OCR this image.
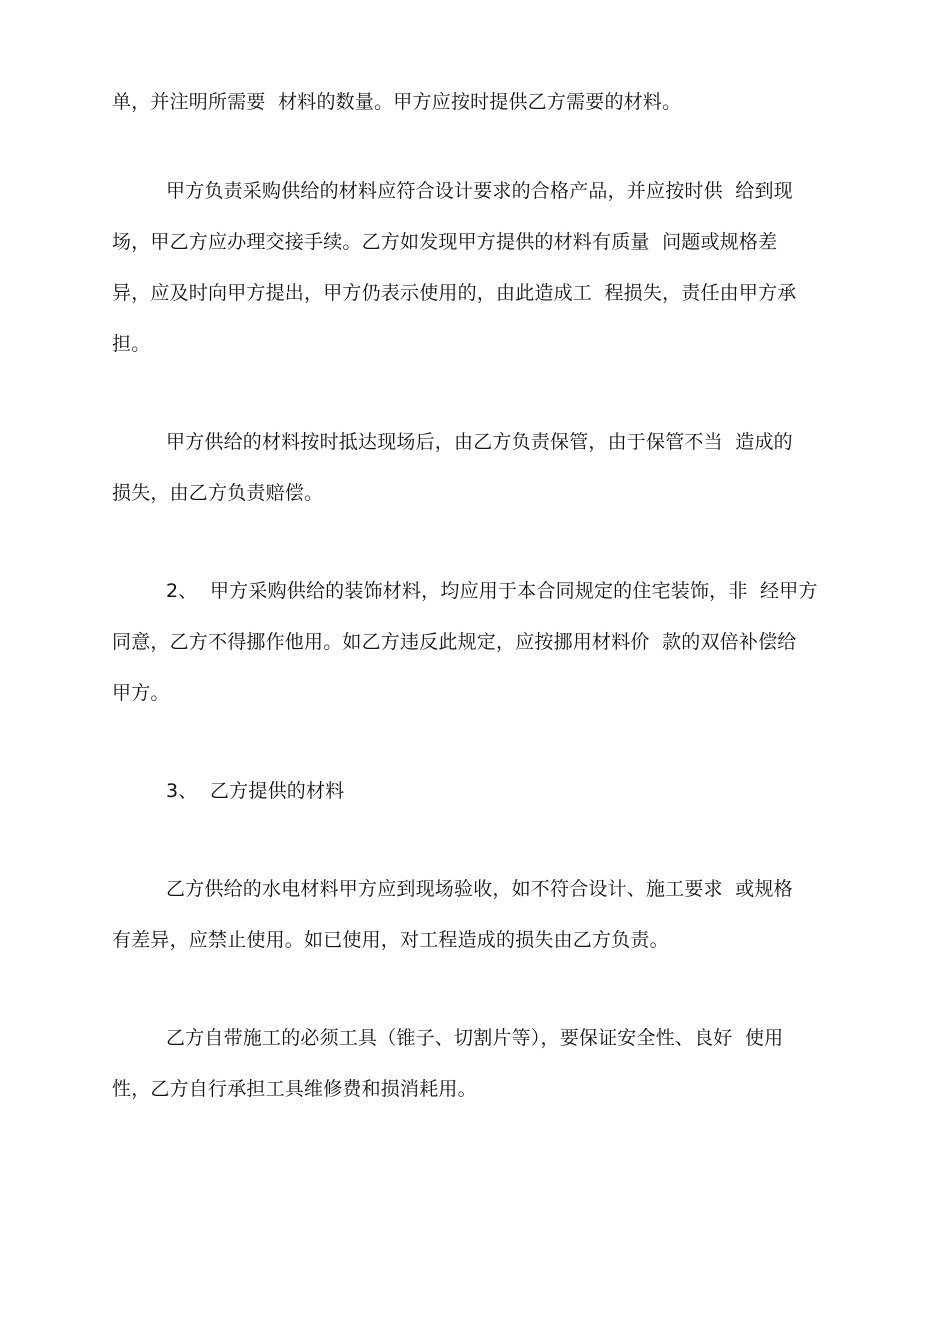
单，并注明所需要  材料的数量。甲方应按时提供乙方需要的材料。
甲方负责采购供给的材料应符合设计要求的合格产品，并应按时供  给到现
场，甲乙方应办理交接手续。乙方如发现甲方提供的材料有质量  问题或规格差
异，应及时向甲方提出，甲方仍表示使用的，由此造成工  程损失，责任由甲方承
担。
甲方供给的材料按时抵达现场后，由乙方负责保管，由于保管不当  造成的
损失，由乙方负责赔偿。
2、  甲方采购供给的装饰材料，均应用于本合同规定的住宅装饰，非  经甲方
同意，乙方不得挪作他用。如乙方违反此规定，应按挪用材料价  款的双倍补偿给
甲方。
3、  乙方提供的材料
乙方供给的水电材料甲方应到现场验收，如不符合设计、施工要求  或规格
有差异，应禁止使用。如已使用，对工程造成的损失由乙方负责。
乙方自带施工的必须工具（锥子、切割片等），要保证安全性、良好  使用
性，乙方自行承担工具维修费和损消耗用。
